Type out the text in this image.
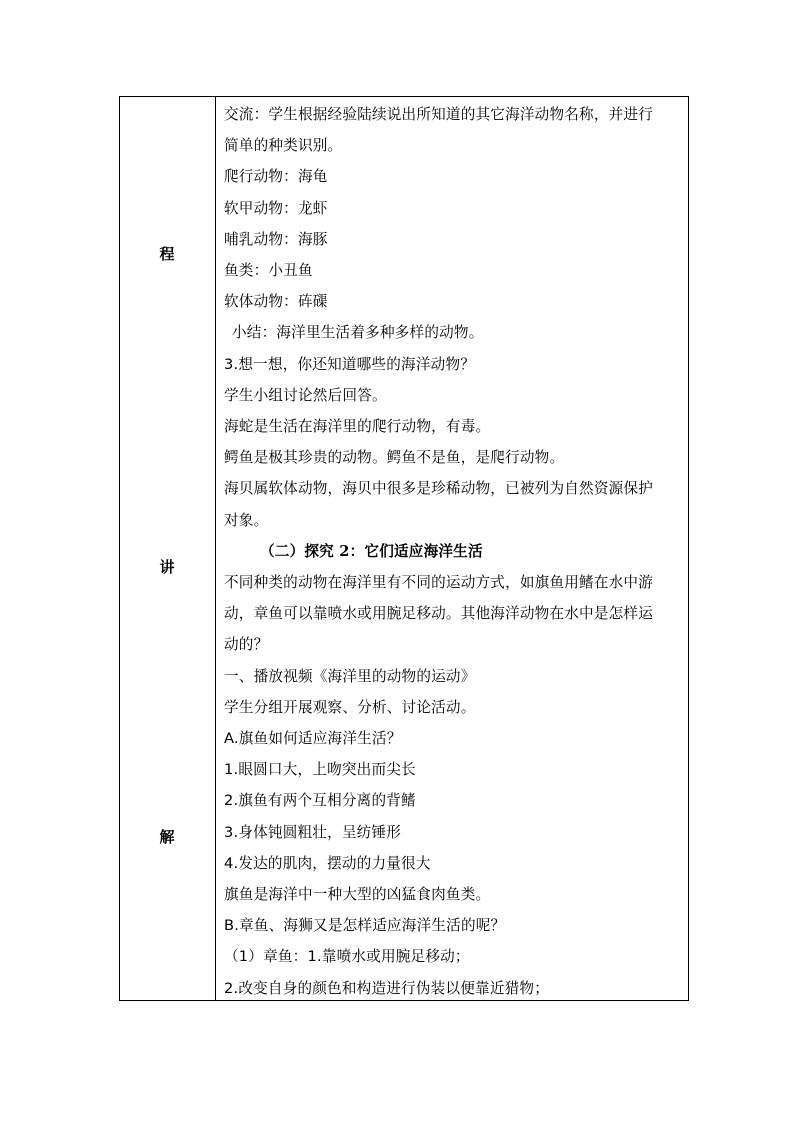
程

讲

解

交流：学生根据经验陆续说出所知道的其它海洋动物名称，并进行

简单的种类识别。

爬行动物：海龟

软甲动物：龙虾

哺乳动物：海豚

鱼类：小丑鱼

软体动物：砗磲

小结：海洋里生活着多种多样的动物。

3.想一想，你还知道哪些的海洋动物？

学生小组讨论然后回答。

海蛇是生活在海洋里的爬行动物，有毒。

鳄鱼是极其珍贵的动物。鳄鱼不是鱼，是爬行动物。

海贝属软体动物，海贝中很多是珍稀动物，已被列为自然资源保护

对象。

（二）探究 2：它们适应海洋生活

不同种类的动物在海洋里有不同的运动方式，如旗鱼用鳍在水中游

动，章鱼可以靠喷水或用腕足移动。其他海洋动物在水中是怎样运

动的？

一、播放视频《海洋里的动物的运动》

学生分组开展观察、分析、讨论活动。

A.旗鱼如何适应海洋生活？

1.眼圆口大，上吻突出而尖长

2.旗鱼有两个互相分离的背鳍

3.身体钝圆粗壮，呈纺锤形

4.发达的肌肉，摆动的力量很大

旗鱼是海洋中一种大型的凶猛食肉鱼类。

B.章鱼、海狮又是怎样适应海洋生活的呢？

（1）章鱼：1.靠喷水或用腕足移动；

2.改变自身的颜色和构造进行伪装以便靠近猎物；
